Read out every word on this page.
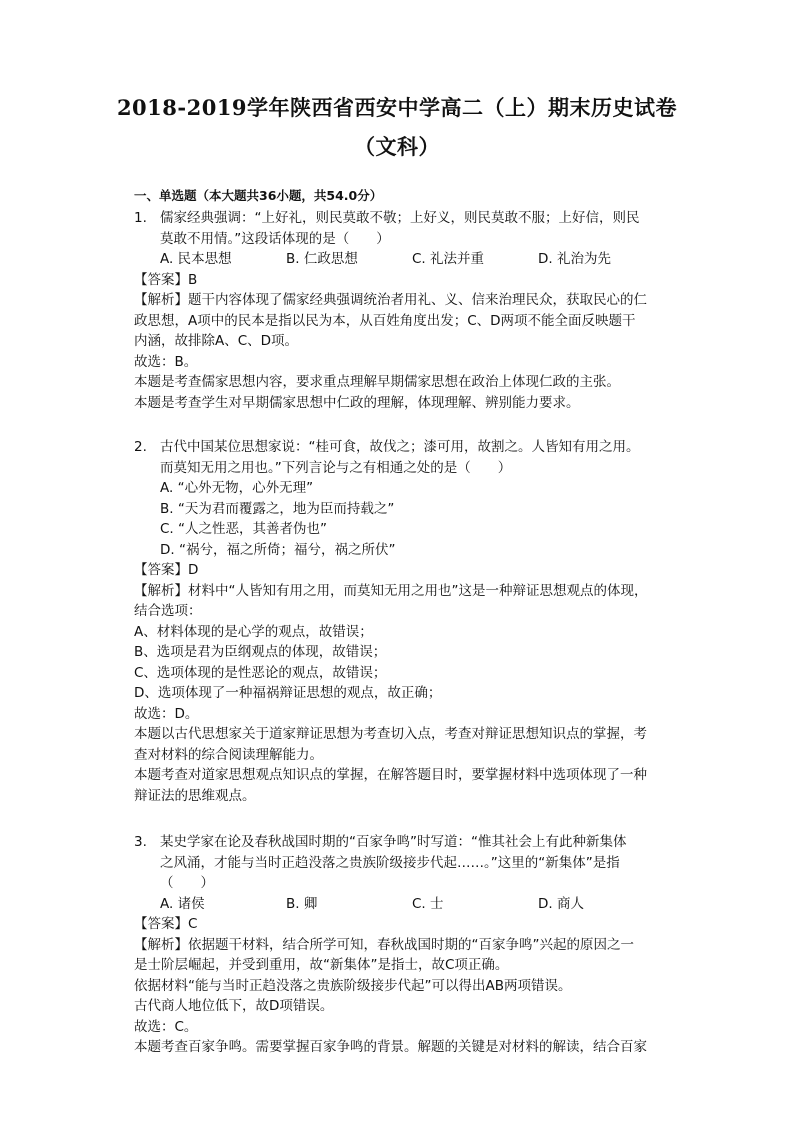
2018-2019学年陕西省西安中学高二（上）期末历史试卷
（文科）
一、单选题（本大题共36小题，共54.0分）
1. 儒家经典强调：“上好礼，则民莫敢不敬；上好义，则民莫敢不服；上好信，则民
莫敢不用情。”这段话体现的是（　　）
A. 民本思想	B. 仁政思想	C. 礼法并重	D. 礼治为先
【答案】B
【解析】题干内容体现了儒家经典强调统治者用礼、义、信来治理民众，获取民心的仁
政思想，A项中的民本是指以民为本，从百姓角度出发；C、D两项不能全面反映题干
内涵，故排除A、C、D项。
故选：B。
本题是考查儒家思想内容，要求重点理解早期儒家思想在政治上体现仁政的主张。
本题是考查学生对早期儒家思想中仁政的理解，体现理解、辨别能力要求。
2. 古代中国某位思想家说：“桂可食，故伐之；漆可用，故割之。人皆知有用之用。
而莫知无用之用也。”下列言论与之有相通之处的是（　　）
A. “心外无物，心外无理”
B. “天为君而覆露之，地为臣而持载之”
C. “人之性恶，其善者伪也”
D. “祸兮，福之所倚；福兮，祸之所伏”
【答案】D
【解析】材料中“人皆知有用之用，而莫知无用之用也”这是一种辩证思想观点的体现，
结合选项：
A、材料体现的是心学的观点，故错误；
B、选项是君为臣纲观点的体现，故错误；
C、选项体现的是性恶论的观点，故错误；
D、选项体现了一种福祸辩证思想的观点，故正确；
故选：D。
本题以古代思想家关于道家辩证思想为考查切入点，考查对辩证思想知识点的掌握，考
查对材料的综合阅读理解能力。
本题考查对道家思想观点知识点的掌握，在解答题目时，要掌握材料中选项体现了一种
辩证法的思维观点。
3. 某史学家在论及春秋战国时期的“百家争鸣”时写道：“惟其社会上有此种新集体
之风涌，才能与当时正趋没落之贵族阶级接步代起……。”这里的“新集体”是指
（　　）
A. 诸侯	B. 卿	C. 士	D. 商人
【答案】C
【解析】依据题干材料，结合所学可知，春秋战国时期的“百家争鸣”兴起的原因之一
是士阶层崛起，并受到重用，故“新集体”是指士，故C项正确。
依据材料“能与当时正趋没落之贵族阶级接步代起”可以得出AB两项错误。
古代商人地位低下，故D项错误。
故选：C。
本题考查百家争鸣。需要掌握百家争鸣的背景。解题的关键是对材料的解读，结合百家
